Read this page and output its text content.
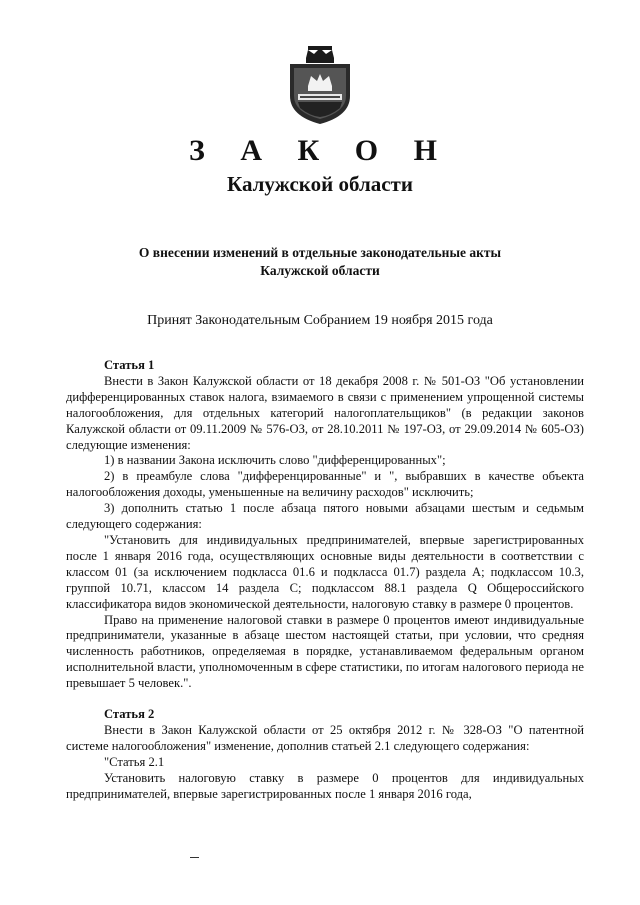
З А К О Н
Калужской области
О внесении изменений в отдельные законодательные акты
Калужской области
Принят Законодательным Собранием 19 ноября 2015 года

Статья 1

Внести в Закон Калужской области от 18 декабря 2008 г. № 501-ОЗ "Об установлении дифференцированных ставок налога, взимаемого в связи с применением упрощенной системы налогообложения, для отдельных категорий налогоплательщиков" (в редакции законов Калужской области от 09.11.2009 № 576-ОЗ, от 28.10.2011 № 197-ОЗ, от 29.09.2014 № 605-ОЗ) следующие изменения:

1) в названии Закона исключить слово "дифференцированных";

2) в преамбуле слова "дифференцированные" и ", выбравших в качестве объекта налогообложения доходы, уменьшенные на величину расходов" исключить;

3) дополнить статью 1 после абзаца пятого новыми абзацами шестым и седьмым следующего содержания:

"Установить для индивидуальных предпринимателей, впервые зарегистрированных после 1 января 2016 года, осуществляющих основные виды деятельности в соответствии с классом 01 (за исключением подкласса 01.6 и подкласса 01.7) раздела А; подклассом 10.3, группой 10.71, классом 14 раздела С; подклассом 88.1 раздела Q Общероссийского классификатора видов экономической деятельности, налоговую ставку в размере 0 процентов.

Право на применение налоговой ставки в размере 0 процентов имеют индивидуальные предприниматели, указанные в абзаце шестом настоящей статьи, при условии, что средняя численность работников, определяемая в порядке, устанавливаемом федеральным органом исполнительной власти, уполномоченным в сфере статистики, по итогам налогового периода не превышает 5 человек.".

Статья 2

Внести в Закон Калужской области от 25 октября 2012 г. № 328-ОЗ "О патентной системе налогообложения" изменение, дополнив статьей 2.1 следующего содержания:

"Статья 2.1

Установить налоговую ставку в размере 0 процентов для индивидуальных предпринимателей, впервые зарегистрированных после 1 января 2016 года,
